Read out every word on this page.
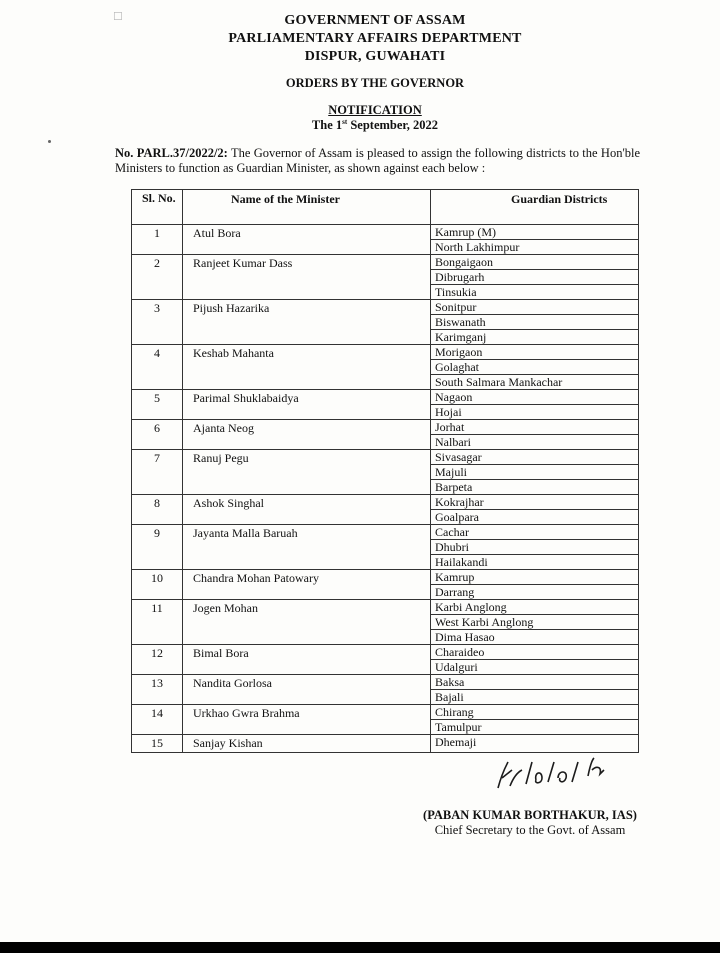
☐	GOVERNMENT OF ASSAM
PARLIAMENTARY AFFAIRS DEPARTMENT
DISPUR, GUWAHATI
ORDERS BY THE GOVERNOR
NOTIFICATION
The 1st September, 2022
No. PARL.37/2022/2: The Governor of Assam is pleased to assign the following districts to the Hon'ble Ministers to function as Guardian Minister, as shown against each below :
Sl. No.	Name of the Minister	Guardian Districts
1	Atul Bora	Kamrup (M)
North Lakhimpur

2	Ranjeet Kumar Dass	Bongaigaon
Dibrugarh
Tinsukia

3	Pijush Hazarika	Sonitpur
Biswanath
Karimganj

4	Keshab Mahanta	Morigaon
Golaghat
South Salmara Mankachar

5	Parimal Shuklabaidya	Nagaon
Hojai

6	Ajanta Neog	Jorhat
Nalbari

7	Ranuj Pegu	Sivasagar
Majuli
Barpeta

8	Ashok Singhal	Kokrajhar
Goalpara

9	Jayanta Malla Baruah	Cachar
Dhubri
Hailakandi

10	Chandra Mohan Patowary	Kamrup
Darrang

11	Jogen Mohan	Karbi Anglong
West Karbi Anglong
Dima Hasao

12	Bimal Bora	Charaideo
Udalguri

13	Nandita Gorlosa	Baksa
Bajali

14	Urkhao Gwra Brahma	Chirang
Tamulpur

15	Sanjay Kishan	Dhemaji
(PABAN KUMAR BORTHAKUR, IAS)
Chief Secretary to the Govt. of Assam
